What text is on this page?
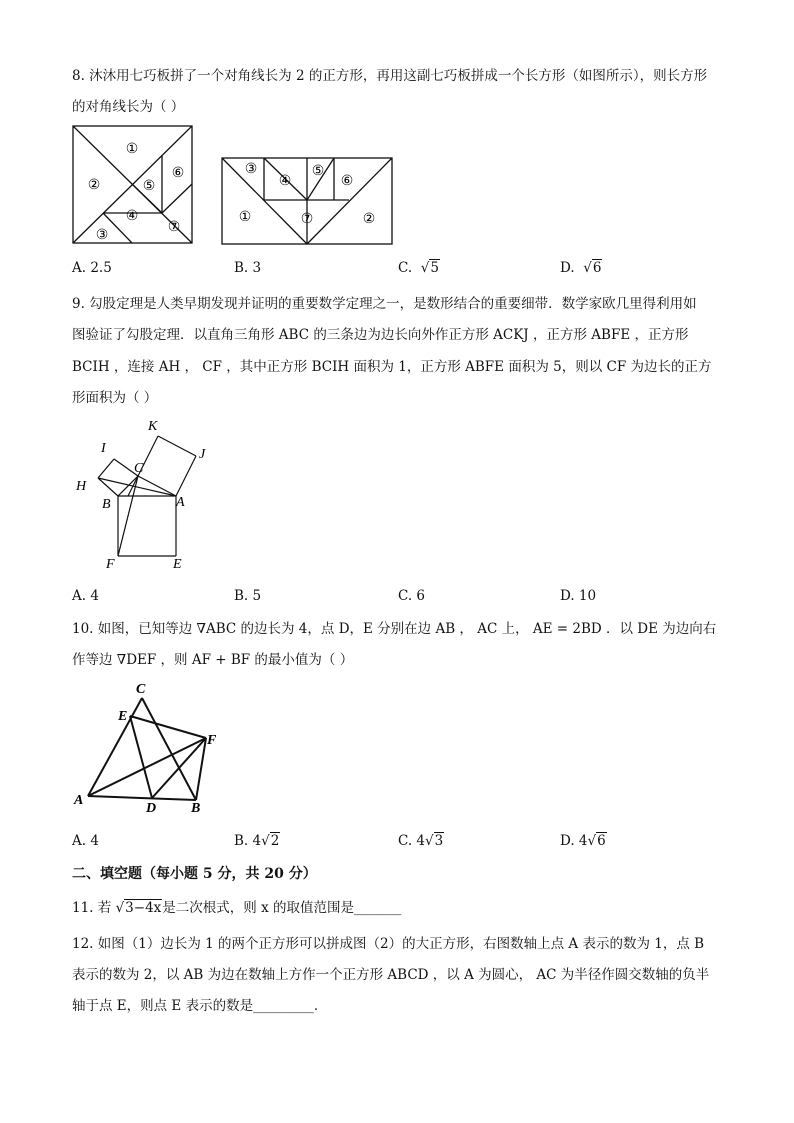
8. 沐沐用七巧板拼了一个对角线长为 2 的正方形，再用这副七巧板拼成一个长方形（如图所示），则长方形
的对角线长为（ ）
①
②
③
④
⑤
⑥
⑦
③
④
⑤
⑥
①	⑦	②
A. 2.5	B. 3	C.  √5	D.  √6
9. 勾股定理是人类早期发现并证明的重要数学定理之一，是数形结合的重要细带．数学家欧几里得利用如
图验证了勾股定理．以直角三角形 ABC 的三条边为边长向外作正方形 ACKJ ，正方形 ABFE ，正方形
BCIH ，连接 AH ， CF ，其中正方形 BCIH 面积为 1，正方形 ABFE 面积为 5，则以 CF 为边长的正方
形面积为（ ）
K
I	J
C
H
B	A
F	E
A. 4	B. 5	C. 6	D. 10
10. 如图，已知等边 ∇ABC 的边长为 4，点 D，E 分别在边 AB ， AC 上， AE = 2BD ．以 DE 为边向右
作等边 ∇DEF ，则 AF + BF 的最小值为（ ）
C
E
F
A
D B
A. 4	B. 4√2	C. 4√3	D. 4√6
二、填空题（每小题 5 分，共 20 分）
11. 若 √3−4x是二次根式，则 x 的取值范围是_______
12. 如图（1）边长为 1 的两个正方形可以拼成图（2）的大正方形，右图数轴上点 A 表示的数为 1，点 B
表示的数为 2，以 AB 为边在数轴上方作一个正方形 ABCD ，以 A 为圆心， AC 为半径作圆交数轴的负半
轴于点 E，则点 E 表示的数是_________．
